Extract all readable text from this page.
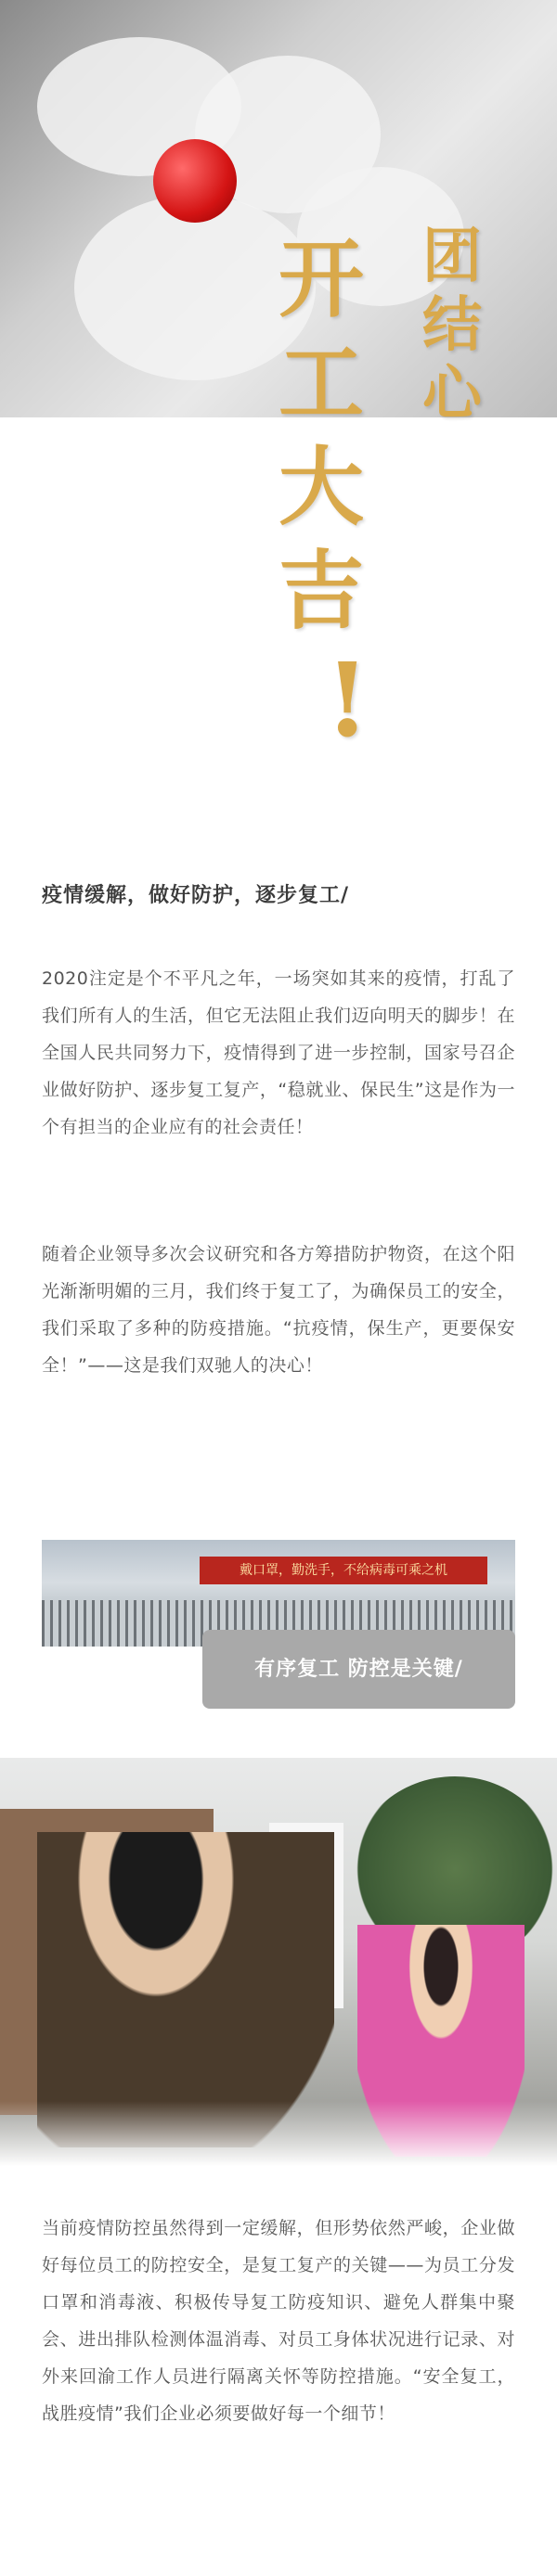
开工大吉
团结心
!
疫情缓解，做好防护，逐步复工/
2020注定是个不平凡之年，一场突如其来的疫情，打乱了我们所有人的生活，但它无法阻止我们迈向明天的脚步！在全国人民共同努力下，疫情得到了进一步控制，国家号召企业做好防护、逐步复工复产，“稳就业、保民生”这是作为一个有担当的企业应有的社会责任！
随着企业领导多次会议研究和各方筹措防护物资，在这个阳光渐渐明媚的三月，我们终于复工了，为确保员工的安全，我们采取了多种的防疫措施。“抗疫情，保生产，更要保安全！”——这是我们双驰人的决心！
戴口罩，勤洗手，不给病毒可乘之机
有序复工 防控是关键/
当前疫情防控虽然得到一定缓解，但形势依然严峻，企业做好每位员工的防控安全，是复工复产的关键——为员工分发口罩和消毒液、积极传导复工防疫知识、避免人群集中聚会、进出排队检测体温消毒、对员工身体状况进行记录、对外来回渝工作人员进行隔离关怀等防控措施。“安全复工，战胜疫情”我们企业必须要做好每一个细节！
